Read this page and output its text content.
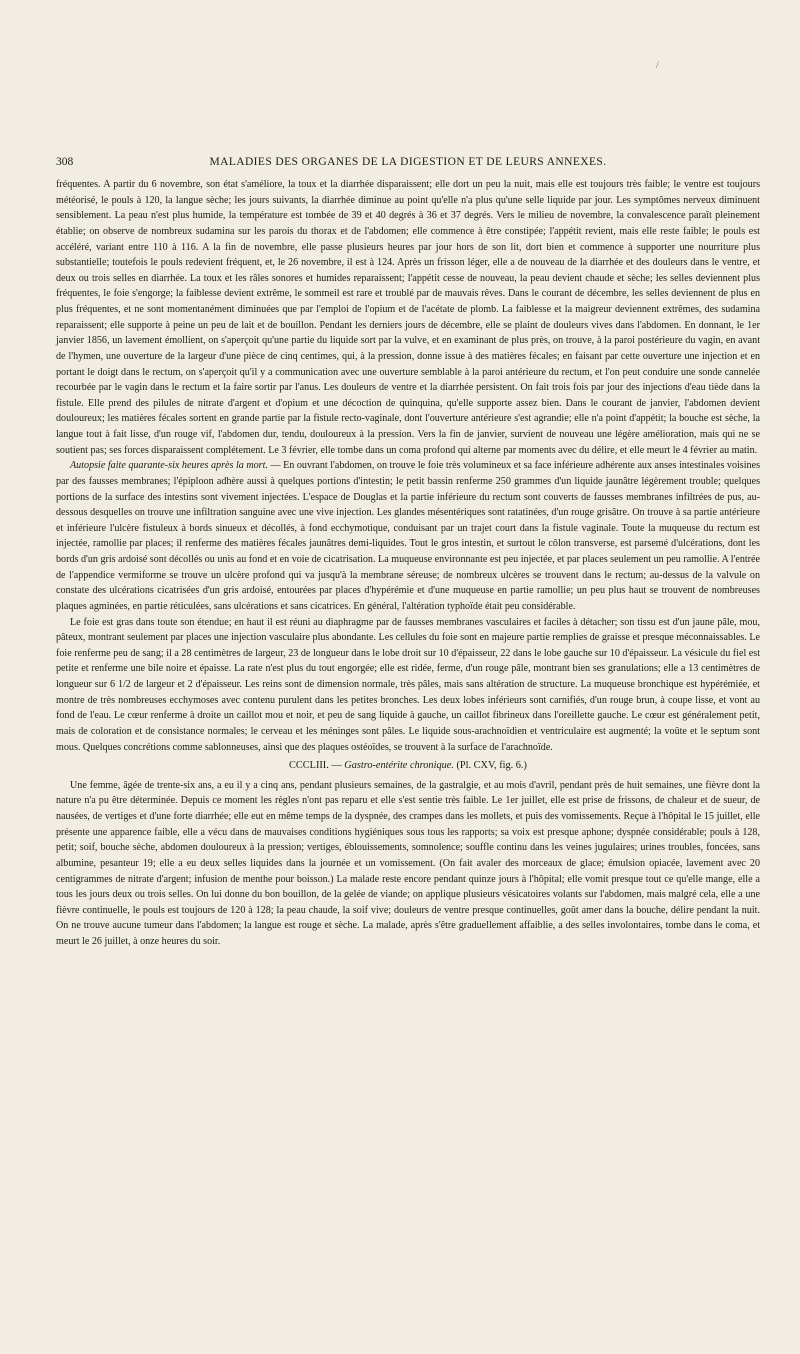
/
308	MALADIES DES ORGANES DE LA DIGESTION ET DE LEURS ANNEXES.

fréquentes. A partir du 6 novembre, son état s'améliore, la toux et la diarrhée disparaissent; elle dort un peu la nuit, mais elle est toujours très faible; le ventre est toujours météorisé, le pouls à 120, la langue sèche; les jours suivants, la diarrhée diminue au point qu'elle n'a plus qu'une selle liquide par jour. Les symptômes nerveux diminuent sensiblement. La peau n'est plus humide, la température est tombée de 39 et 40 degrés à 36 et 37 degrés. Vers le milieu de novembre, la convalescence paraît pleinement établie; on observe de nombreux sudamina sur les parois du thorax et de l'abdomen; elle commence à être constipée; l'appétit revient, mais elle reste faible; le pouls est accéléré, variant entre 110 à 116. A la fin de novembre, elle passe plusieurs heures par jour hors de son lit, dort bien et commence à supporter une nourriture plus substantielle; toutefois le pouls redevient fréquent, et, le 26 novembre, il est à 124. Après un frisson léger, elle a de nouveau de la diarrhée et des douleurs dans le ventre, et deux ou trois selles en diarrhée. La toux et les râles sonores et humides reparaissent; l'appétit cesse de nouveau, la peau devient chaude et sèche; les selles deviennent plus fréquentes, le foie s'engorge; la faiblesse devient extrême, le sommeil est rare et troublé par de mauvais rêves. Dans le courant de décembre, les selles deviennent de plus en plus fréquentes, et ne sont momentanément diminuées que par l'emploi de l'opium et de l'acétate de plomb. La faiblesse et la maigreur deviennent extrêmes, des sudamina reparaissent; elle supporte à peine un peu de lait et de bouillon. Pendant les derniers jours de décembre, elle se plaint de douleurs vives dans l'abdomen. En donnant, le 1er janvier 1856, un lavement émollient, on s'aperçoit qu'une partie du liquide sort par la vulve, et en examinant de plus près, on trouve, à la paroi postérieure du vagin, en avant de l'hymen, une ouverture de la largeur d'une pièce de cinq centimes, qui, à la pression, donne issue à des matières fécales; en faisant par cette ouverture une injection et en portant le doigt dans le rectum, on s'aperçoit qu'il y a communication avec une ouverture semblable à la paroi antérieure du rectum, et l'on peut conduire une sonde cannelée recourbée par le vagin dans le rectum et la faire sortir par l'anus. Les douleurs de ventre et la diarrhée persistent. On fait trois fois par jour des injections d'eau tiède dans la fistule. Elle prend des pilules de nitrate d'argent et d'opium et une décoction de quinquina, qu'elle supporte assez bien. Dans le courant de janvier, l'abdomen devient douloureux; les matières fécales sortent en grande partie par la fistule recto-vaginale, dont l'ouverture antérieure s'est agrandie; elle n'a point d'appétit; la bouche est sèche, la langue tout à fait lisse, d'un rouge vif, l'abdomen dur, tendu, douloureux à la pression. Vers la fin de janvier, survient de nouveau une légère amélioration, mais qui ne se soutient pas; ses forces disparaissent complétement. Le 3 février, elle tombe dans un coma profond qui alterne par moments avec du délire, et elle meurt le 4 février au matin.

Autopsie faite quarante-six heures après la mort. — En ouvrant l'abdomen, on trouve le foie très volumineux et sa face inférieure adhérente aux anses intestinales voisines par des fausses membranes; l'épiploon adhère aussi à quelques portions d'intestin; le petit bassin renferme 250 grammes d'un liquide jaunâtre légèrement trouble; quelques portions de la surface des intestins sont vivement injectées. L'espace de Douglas et la partie inférieure du rectum sont couverts de fausses membranes infiltrées de pus, au-dessous desquelles on trouve une infiltration sanguine avec une vive injection. Les glandes mésentériques sont ratatinées, d'un rouge grisâtre. On trouve à sa partie antérieure et inférieure l'ulcère fistuleux à bords sinueux et décollés, à fond ecchymotique, conduisant par un trajet court dans la fistule vaginale. Toute la muqueuse du rectum est injectée, ramollie par places; il renferme des matières fécales jaunâtres demi-liquides. Tout le gros intestin, et surtout le côlon transverse, est parsemé d'ulcérations, dont les bords d'un gris ardoisé sont décollés ou unis au fond et en voie de cicatrisation. La muqueuse environnante est peu injectée, et par places seulement un peu ramollie. A l'entrée de l'appendice vermiforme se trouve un ulcère profond qui va jusqu'à la membrane séreuse; de nombreux ulcères se trouvent dans le rectum; au-dessus de la valvule on constate des ulcérations cicatrisées d'un gris ardoisé, entourées par places d'hypérémie et d'une muqueuse en partie ramollie; un peu plus haut se trouvent de nombreuses plaques agminées, en partie réticulées, sans ulcérations et sans cicatrices. En général, l'altération typhoïde était peu considérable.

Le foie est gras dans toute son étendue; en haut il est réuni au diaphragme par de fausses membranes vasculaires et faciles à détacher; son tissu est d'un jaune pâle, mou, pâteux, montrant seulement par places une injection vasculaire plus abondante. Les cellules du foie sont en majeure partie remplies de graisse et presque méconnaissables. Le foie renferme peu de sang; il a 28 centimètres de largeur, 23 de longueur dans le lobe droit sur 10 d'épaisseur, 22 dans le lobe gauche sur 10 d'épaisseur. La vésicule du fiel est petite et renferme une bile noire et épaisse. La rate n'est plus du tout engorgée; elle est ridée, ferme, d'un rouge pâle, montrant bien ses granulations; elle a 13 centimètres de longueur sur 6 1/2 de largeur et 2 d'épaisseur. Les reins sont de dimension normale, très pâles, mais sans altération de structure. La muqueuse bronchique est hypérémiée, et montre de très nombreuses ecchymoses avec contenu purulent dans les petites bronches. Les deux lobes inférieurs sont carnifiés, d'un rouge brun, à coupe lisse, et vont au fond de l'eau. Le cœur renferme à droite un caillot mou et noir, et peu de sang liquide à gauche, un caillot fibrineux dans l'oreillette gauche. Le cœur est généralement petit, mais de coloration et de consistance normales; le cerveau et les méninges sont pâles. Le liquide sous-arachnoïdien et ventriculaire est augmenté; la voûte et le septum sont mous. Quelques concrétions comme sablonneuses, ainsi que des plaques ostéoïdes, se trouvent à la surface de l'arachnoïde.

CCCLIII. — Gastro-entérite chronique. (Pl. CXV, fig. 6.)

Une femme, âgée de trente-six ans, a eu il y a cinq ans, pendant plusieurs semaines, de la gastralgie, et au mois d'avril, pendant près de huit semaines, une fièvre dont la nature n'a pu être déterminée. Depuis ce moment les règles n'ont pas reparu et elle s'est sentie très faible. Le 1er juillet, elle est prise de frissons, de chaleur et de sueur, de nausées, de vertiges et d'une forte diarrhée; elle eut en même temps de la dyspnée, des crampes dans les mollets, et puis des vomissements. Reçue à l'hôpital le 15 juillet, elle présente une apparence faible, elle a vécu dans de mauvaises conditions hygiéniques sous tous les rapports; sa voix est presque aphone; dyspnée considérable; pouls à 128, petit; soif, bouche sèche, abdomen douloureux à la pression; vertiges, éblouissements, somnolence; souffle continu dans les veines jugulaires; urines troubles, foncées, sans albumine, pesanteur 19; elle a eu deux selles liquides dans la journée et un vomissement. (On fait avaler des morceaux de glace; émulsion opiacée, lavement avec 20 centigrammes de nitrate d'argent; infusion de menthe pour boisson.) La malade reste encore pendant quinze jours à l'hôpital; elle vomit presque tout ce qu'elle mange, elle a tous les jours deux ou trois selles. On lui donne du bon bouillon, de la gelée de viande; on applique plusieurs vésicatoires volants sur l'abdomen, mais malgré cela, elle a une fièvre continuelle, le pouls est toujours de 120 à 128; la peau chaude, la soif vive; douleurs de ventre presque continuelles, goût amer dans la bouche, délire pendant la nuit. On ne trouve aucune tumeur dans l'abdomen; la langue est rouge et sèche. La malade, après s'être graduellement affaiblie, a des selles involontaires, tombe dans le coma, et meurt le 26 juillet, à onze heures du soir.
